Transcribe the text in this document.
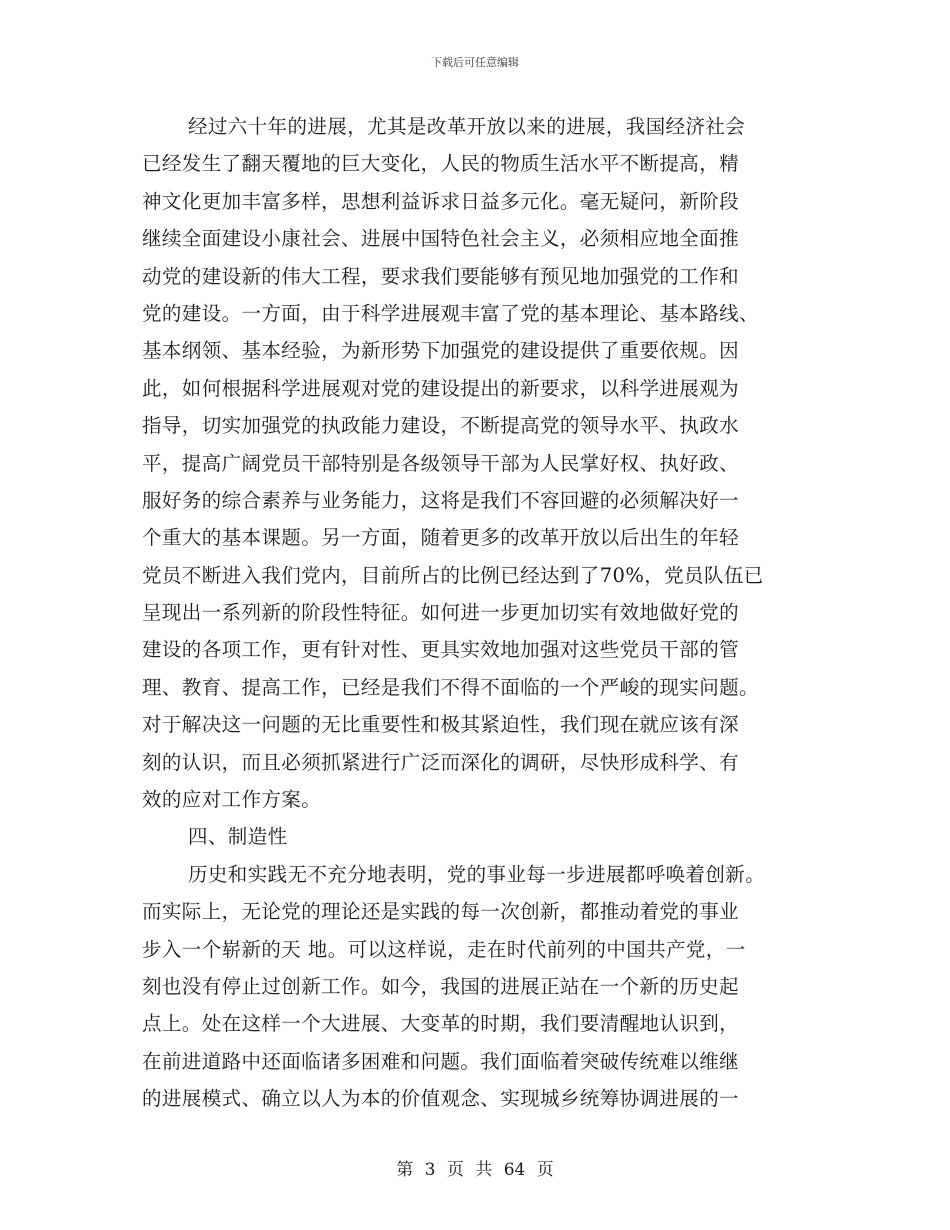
下载后可任意编辑
经过六十年的进展，尤其是改革开放以来的进展，我国经济社会
已经发生了翻天覆地的巨大变化，人民的物质生活水平不断提高，精
神文化更加丰富多样，思想利益诉求日益多元化。毫无疑问，新阶段
继续全面建设小康社会、进展中国特色社会主义，必须相应地全面推
动党的建设新的伟大工程，要求我们要能够有预见地加强党的工作和
党的建设。一方面，由于科学进展观丰富了党的基本理论、基本路线、
基本纲领、基本经验，为新形势下加强党的建设提供了重要依规。因
此，如何根据科学进展观对党的建设提出的新要求，以科学进展观为
指导，切实加强党的执政能力建设，不断提高党的领导水平、执政水
平，提高广阔党员干部特别是各级领导干部为人民掌好权、执好政、
服好务的综合素养与业务能力，这将是我们不容回避的必须解决好一
个重大的基本课题。另一方面，随着更多的改革开放以后出生的年轻
党员不断进入我们党内，目前所占的比例已经达到了70%，党员队伍已
呈现出一系列新的阶段性特征。如何进一步更加切实有效地做好党的
建设的各项工作，更有针对性、更具实效地加强对这些党员干部的管
理、教育、提高工作，已经是我们不得不面临的一个严峻的现实问题。
对于解决这一问题的无比重要性和极其紧迫性，我们现在就应该有深
刻的认识，而且必须抓紧进行广泛而深化的调研，尽快形成科学、有
效的应对工作方案。
四、制造性
历史和实践无不充分地表明，党的事业每一步进展都呼唤着创新。
而实际上，无论党的理论还是实践的每一次创新，都推动着党的事业
步入一个崭新的天 地。可以这样说，走在时代前列的中国共产党，一
刻也没有停止过创新工作。如今，我国的进展正站在一个新的历史起
点上。处在这样一个大进展、大变革的时期，我们要清醒地认识到，
在前进道路中还面临诸多困难和问题。我们面临着突破传统难以维继
的进展模式、确立以人为本的价值观念、实现城乡统筹协调进展的一
第 3 页 共 64 页
